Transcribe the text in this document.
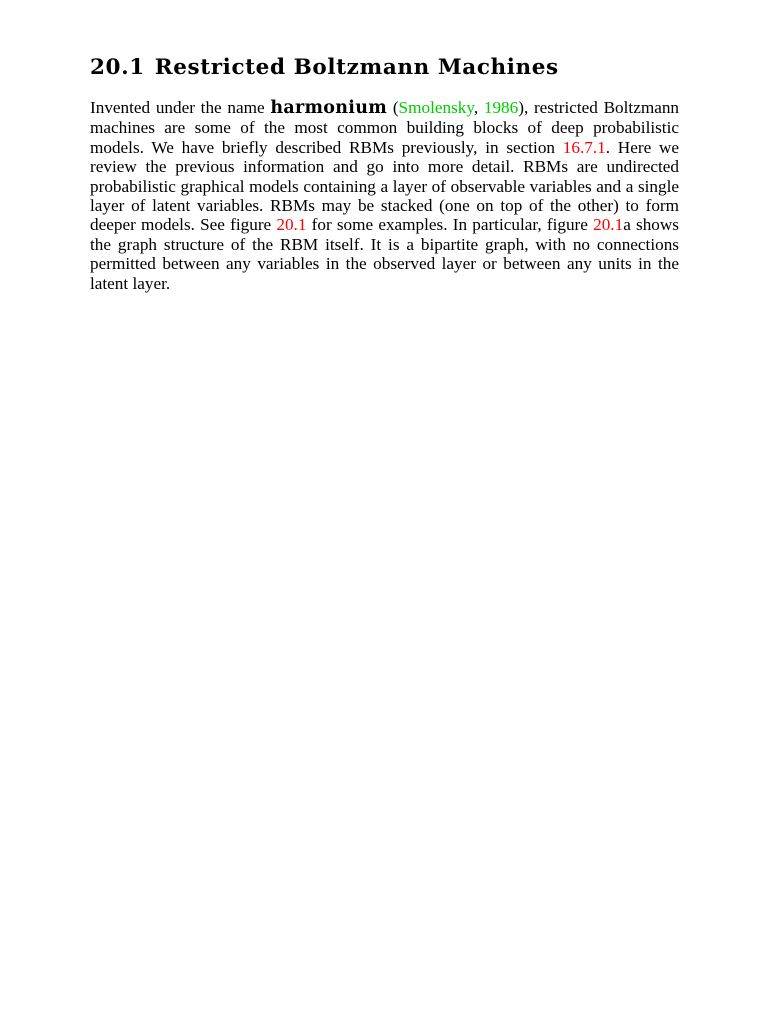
20.1 Restricted Boltzmann Machines

Invented under the name harmonium (Smolensky, 1986), restricted Boltzmann machines are some of the most common building blocks of deep probabilistic models. We have briefly described RBMs previously, in section 16.7.1. Here we review the previous information and go into more detail. RBMs are undirected probabilistic graphical models containing a layer of observable variables and a single layer of latent variables. RBMs may be stacked (one on top of the other) to form deeper models. See figure 20.1 for some examples. In particular, figure 20.1a shows the graph structure of the RBM itself. It is a bipartite graph, with no connections permitted between any variables in the observed layer or between any units in the latent layer.
